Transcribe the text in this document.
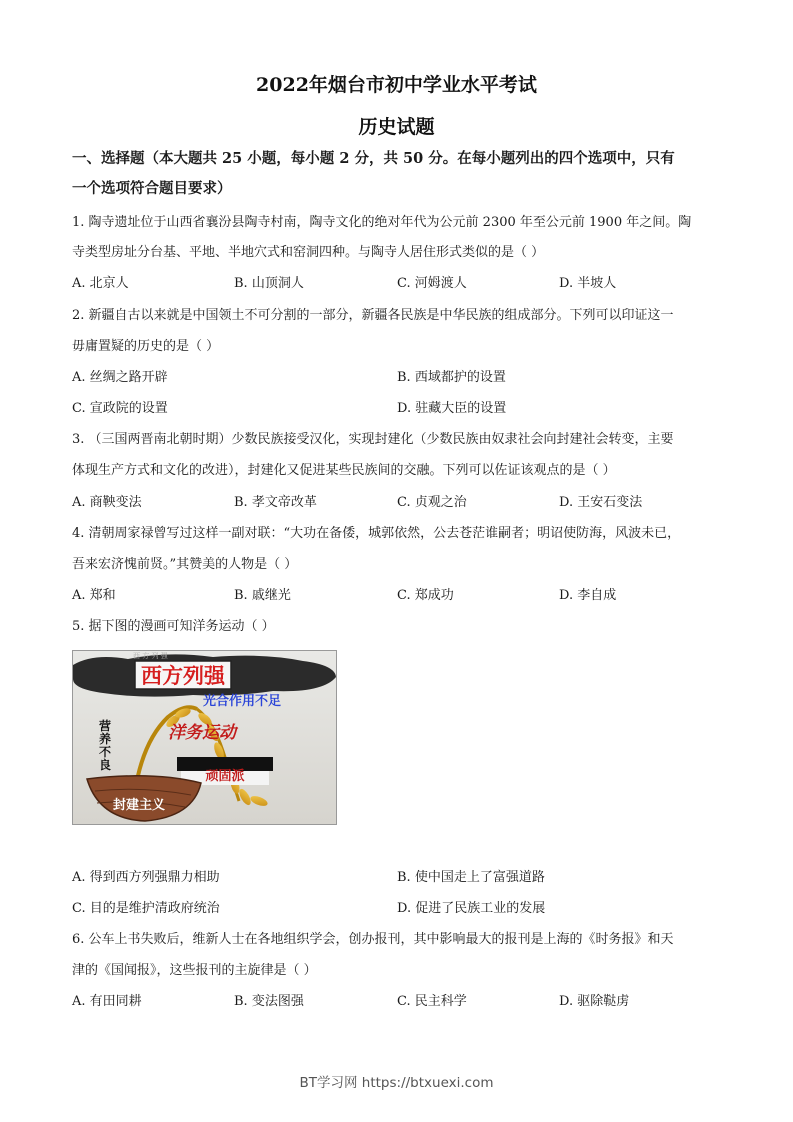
2022年烟台市初中学业水平考试
历史试题
一、选择题（本大题共 25 小题，每小题 2 分，共 50 分。在每小题列出的四个选项中，只有
一个选项符合题目要求）
1. 陶寺遗址位于山西省襄汾县陶寺村南，陶寺文化的绝对年代为公元前 2300 年至公元前 1900 年之间。陶
寺类型房址分台基、平地、半地穴式和窑洞四种。与陶寺人居住形式类似的是（ ）
A. 北京人	B. 山顶洞人	C. 河姆渡人	D. 半坡人
2. 新疆自古以来就是中国领土不可分割的一部分，新疆各民族是中华民族的组成部分。下列可以印证这一
毋庸置疑的历史的是（ ）
A. 丝绸之路开辟	B. 西域都护的设置
C. 宣政院的设置	D. 驻藏大臣的设置
3. （三国两晋南北朝时期）少数民族接受汉化，实现封建化（少数民族由奴隶社会向封建社会转变，主要
体现生产方式和文化的改进），封建化又促进某些民族间的交融。下列可以佐证该观点的是（ ）
A. 商鞅变法	B. 孝文帝改革	C. 贞观之治	D. 王安石变法
4. 清朝周家禄曾写过这样一副对联：“大功在备倭，城郭依然，公去苍茫谁嗣者；明诏使防海，风波未已，
吾来宏济愧前贤。”其赞美的人物是（ ）
A. 郑和	B. 戚继光	C. 郑成功	D. 李自成
5. 据下图的漫画可知洋务运动（ ）
西 方 列 强
西方列强
光合作用不足
洋务运动
营 养 不 良
顽固派
封建主义
A. 得到西方列强鼎力相助	B. 使中国走上了富强道路
C. 目的是维护清政府统治	D. 促进了民族工业的发展
6. 公车上书失败后，维新人士在各地组织学会，创办报刊，其中影响最大的报刊是上海的《时务报》和天
津的《国闻报》，这些报刊的主旋律是（ ）
A. 有田同耕	B. 变法图强	C. 民主科学	D. 驱除鞑虏
BT学习网 https://btxuexi.com
